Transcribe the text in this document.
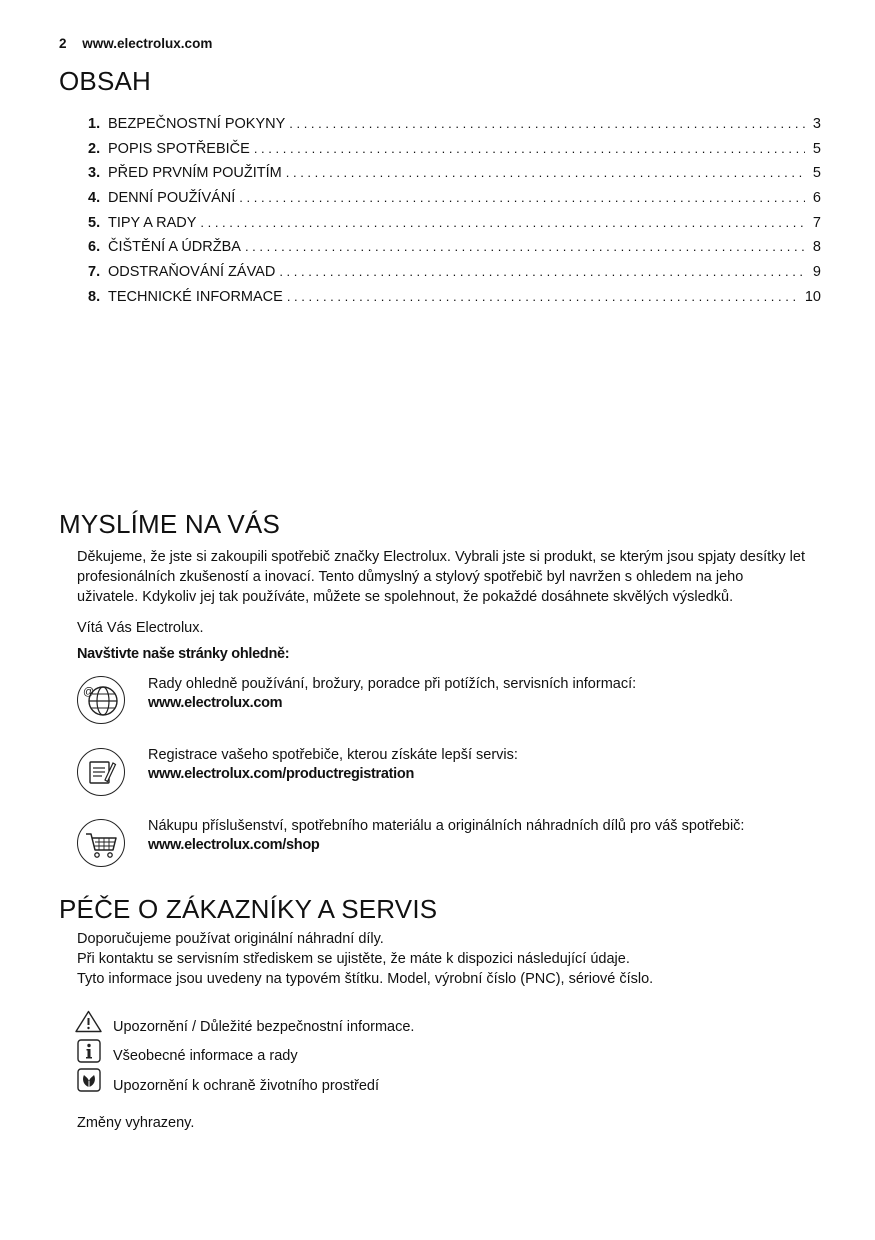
2 www.electrolux.com
OBSAH
1. BEZPEČNOSTNÍ POKYNY . . .	3
2. POPIS SPOTŘEBIČE . . .	5
3. PŘED PRVNÍM POUŽITÍM . . .	5
4. DENNÍ POUŽÍVÁNÍ . . .	6
5. TIPY A RADY . . .	7
6. ČIŠTĚNÍ A ÚDRŽBA . . .	8
7. ODSTRAŇOVÁNÍ ZÁVAD . . .	9
8. TECHNICKÉ INFORMACE . . .	10
MYSLÍME NA VÁS
Děkujeme, že jste si zakoupili spotřebič značky Electrolux. Vybrali jste si produkt, se kterým jsou spjaty desítky let
profesionálních zkušeností a inovací. Tento důmyslný a stylový spotřebič byl navržen s ohledem na jeho
uživatele. Kdykoliv jej tak používáte, můžete se spolehnout, že pokaždé dosáhnete skvělých výsledků.
Vítá Vás Electrolux.
Navštivte naše stránky ohledně:
@	Rady ohledně používání, brožury, poradce při potížích, servisních informací:
www.electrolux.com
Registrace vašeho spotřebiče, kterou získáte lepší servis:
www.electrolux.com/productregistration
Nákupu příslušenství, spotřebního materiálu a originálních náhradních dílů pro váš spotřebič:
www.electrolux.com/shop
PÉČE O ZÁKAZNÍKY A SERVIS
Doporučujeme používat originální náhradní díly.
Při kontaktu se servisním střediskem se ujistěte, že máte k dispozici následující údaje.
Tyto informace jsou uvedeny na typovém štítku. Model, výrobní číslo (PNC), sériové číslo.
Upozornění / Důležité bezpečnostní informace.
Všeobecné informace a rady
Upozornění k ochraně životního prostředí
Změny vyhrazeny.
